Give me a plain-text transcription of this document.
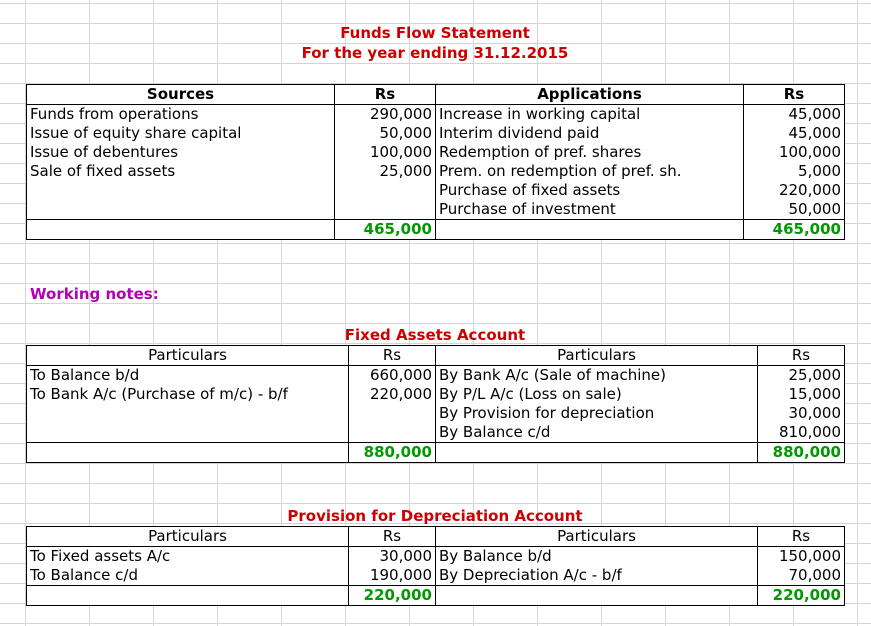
Funds Flow Statement
For the year ending 31.12.2015
Sources	Rs	Applications	Rs
Funds from operations	290,000	Increase in working capital	45,000
Issue of equity share capital	50,000	Interim dividend paid	45,000
Issue of debentures	100,000	Redemption of pref. shares	100,000
Sale of fixed assets	25,000	Prem. on redemption of pref. sh.	5,000
		Purchase of fixed assets	220,000
		Purchase of investment	50,000
	465,000		465,000
Working notes:
Fixed Assets Account
Particulars	Rs	Particulars	Rs
To Balance b/d	660,000	By Bank A/c (Sale of machine)	25,000
To Bank A/c (Purchase of m/c) - b/f	220,000	By P/L A/c (Loss on sale)	15,000
		By Provision for depreciation	30,000
		By Balance c/d	810,000
	880,000		880,000
Provision for Depreciation Account
Particulars	Rs	Particulars	Rs
To Fixed assets A/c	30,000	By Balance b/d	150,000
To Balance c/d	190,000	By Depreciation A/c - b/f	70,000
	220,000		220,000
